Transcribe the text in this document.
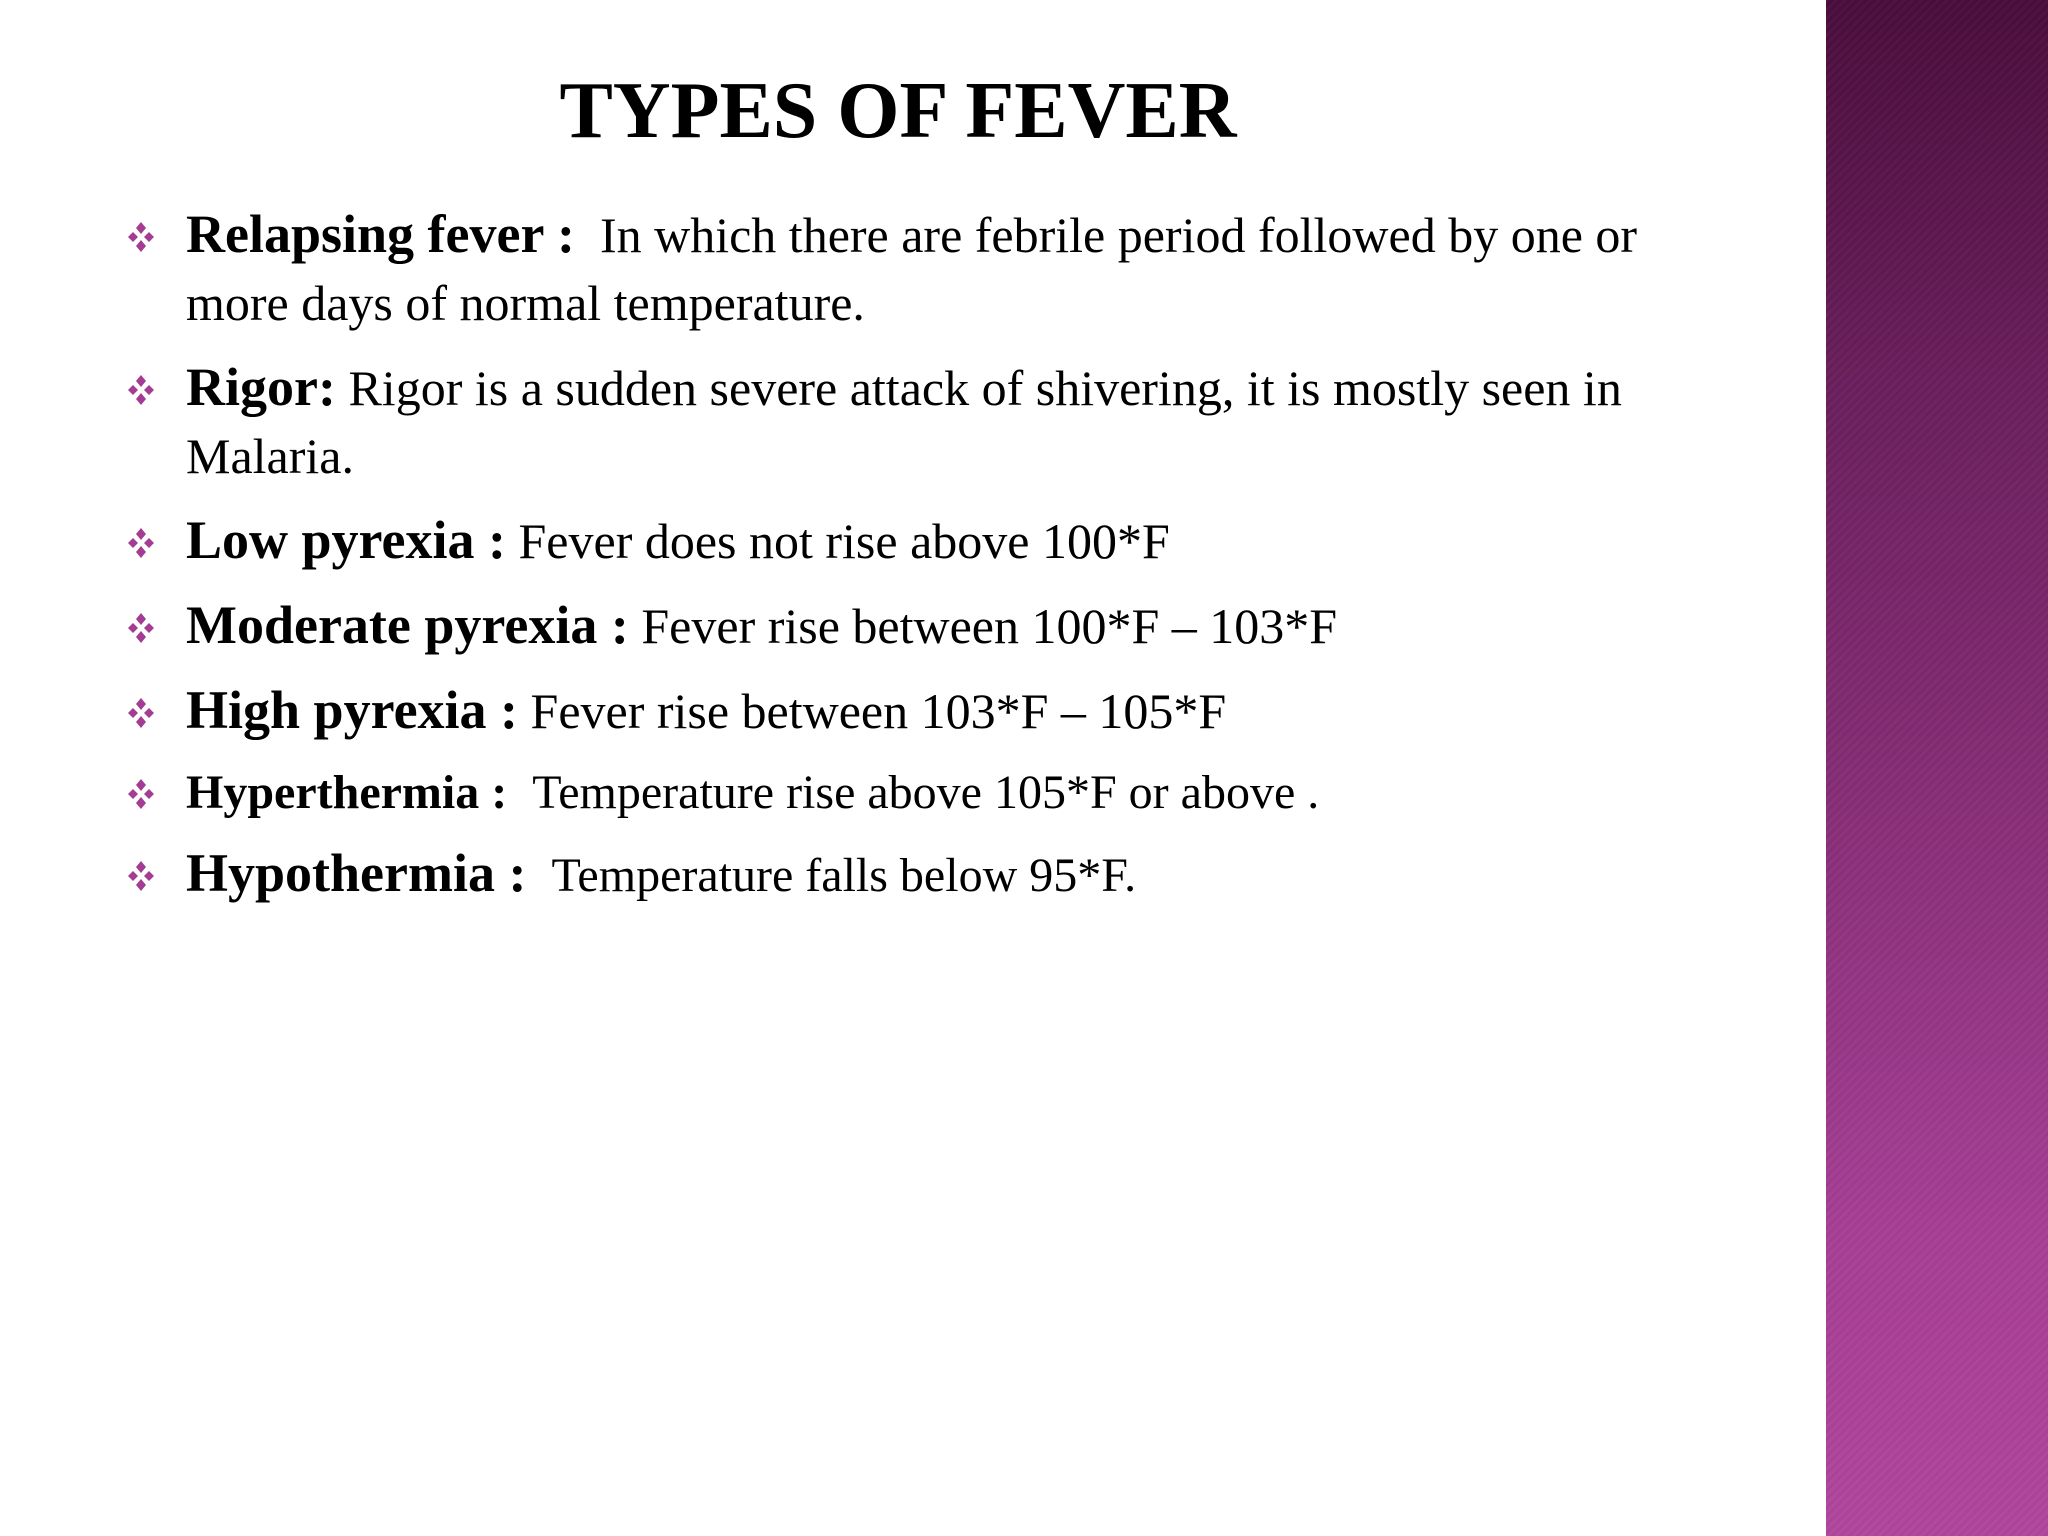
TYPES OF FEVER
Relapsing fever : In which there are febrile period followed by one or more days of normal temperature.
Rigor: Rigor is a sudden severe attack of shivering, it is mostly seen in Malaria.
Low pyrexia : Fever does not rise above 100*F
Moderate pyrexia : Fever rise between 100*F – 103*F
High pyrexia : Fever rise between 103*F – 105*F
Hyperthermia : Temperature rise above 105*F or above .
Hypothermia : Temperature falls below 95*F.
